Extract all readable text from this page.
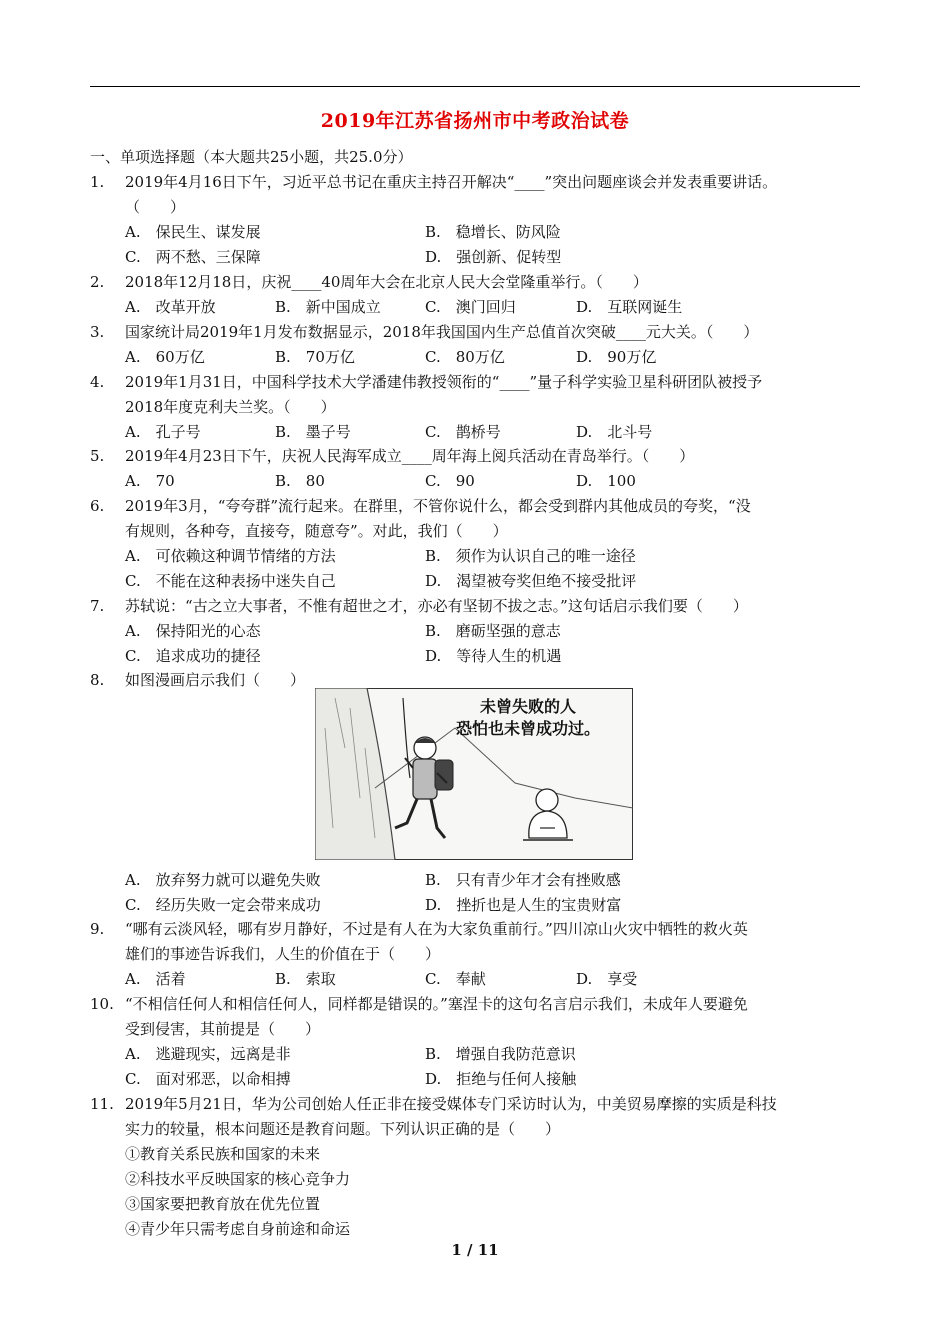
2019年江苏省扬州市中考政治试卷
一、单项选择题（本大题共25小题，共25.0分）
1. 2019年4月16日下午，习近平总书记在重庆主持召开解决“____”突出问题座谈会并发表重要讲话。
（　　）
A.　保民生、谋发展	B.　稳增长、防风险
C.　两不愁、三保障	D.　强创新、促转型
2. 2018年12月18日，庆祝____40周年大会在北京人民大会堂隆重举行。（　　）
A.　改革开放	B.　新中国成立	C.　澳门回归	D.　互联网诞生
3. 国家统计局2019年1月发布数据显示，2018年我国国内生产总值首次突破____元大关。（　　）
A.　60万亿	B.　70万亿	C.　80万亿	D.　90万亿
4. 2019年1月31日，中国科学技术大学潘建伟教授领衔的“____”量子科学实验卫星科研团队被授予
2018年度克利夫兰奖。（　　）
A.　孔子号	B.　墨子号	C.　鹊桥号	D.　北斗号
5. 2019年4月23日下午，庆祝人民海军成立____周年海上阅兵活动在青岛举行。（　　）
A.　70	B.　80	C.　90	D.　100
6. 2019年3月，“夸夸群”流行起来。在群里，不管你说什么，都会受到群内其他成员的夸奖，“没
有规则，各种夸，直接夸，随意夸”。对此，我们（　　）
A.　可依赖这种调节情绪的方法	B.　须作为认识自己的唯一途径
C.　不能在这种表扬中迷失自己	D.　渴望被夸奖但绝不接受批评
7. 苏轼说：“古之立大事者，不惟有超世之才，亦必有坚韧不拔之志。”这句话启示我们要（　　）
A.　保持阳光的心态	B.　磨砺坚强的意志
C.　追求成功的捷径	D.　等待人生的机遇
8. 如图漫画启示我们（　　）
未曾失败的人
恐怕也未曾成功过。
A.　放弃努力就可以避免失败	B.　只有青少年才会有挫败感
C.　经历失败一定会带来成功	D.　挫折也是人生的宝贵财富
9. “哪有云淡风轻，哪有岁月静好，不过是有人在为大家负重前行。”四川凉山火灾中牺牲的救火英
雄们的事迹告诉我们，人生的价值在于（　　）
A.　活着	B.　索取	C.　奉献	D.　享受
10. “不相信任何人和相信任何人，同样都是错误的。”塞涅卡的这句名言启示我们，未成年人要避免
受到侵害，其前提是（　　）
A.　逃避现实，远离是非	B.　增强自我防范意识
C.　面对邪恶，以命相搏	D.　拒绝与任何人接触
11. 2019年5月21日，华为公司创始人任正非在接受媒体专门采访时认为，中美贸易摩擦的实质是科技
实力的较量，根本问题还是教育问题。下列认识正确的是（　　）
①教育关系民族和国家的未来
②科技水平反映国家的核心竞争力
③国家要把教育放在优先位置
④青少年只需考虑自身前途和命运
1 / 11
